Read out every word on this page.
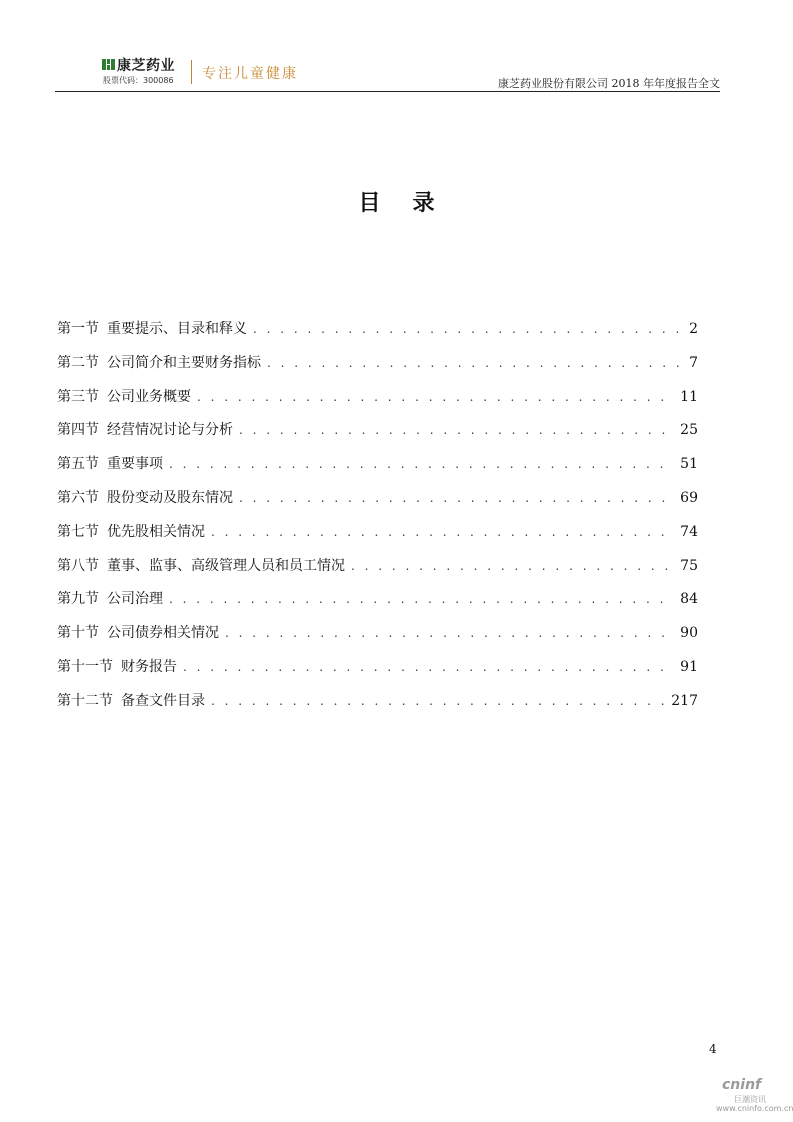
康芝药业
股票代码：300086 专注儿童健康
康芝药业股份有限公司 2018 年年度报告全文
目录
第一节 重要提示、目录和释义 . . .	2
第二节 公司简介和主要财务指标 . . .	7
第三节 公司业务概要 . . .	11
第四节 经营情况讨论与分析 . . .	25
第五节 重要事项 . . .	51
第六节 股份变动及股东情况 . . .	69
第七节 优先股相关情况 . . .	74
第八节 董事、监事、高级管理人员和员工情况 . . .	75
第九节 公司治理 . . .	84
第十节 公司债券相关情况 . . .	90
第十一节 财务报告 . . .	91
第十二节 备查文件目录 . . .	217
4
cninf
巨潮资讯
www.cninfo.com.cn
